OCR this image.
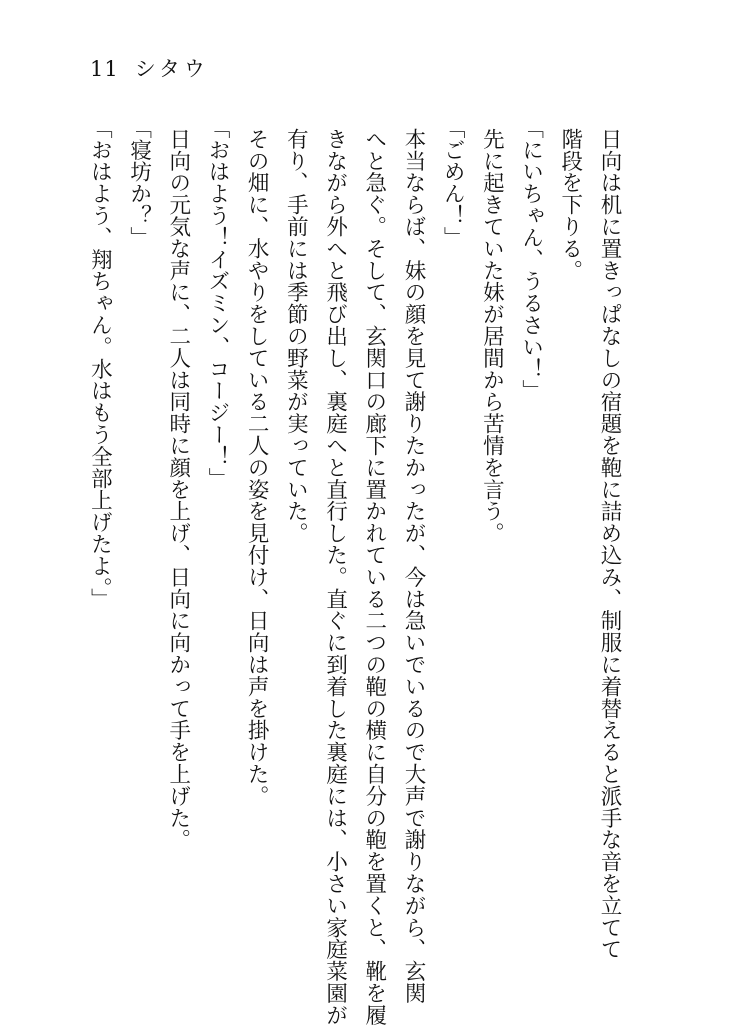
11 シタウ
日向は机に置きっぱなしの宿題を鞄に詰め込み、制服に着替えると派手な音を立てて
階段を下りる。
「にいちゃん、うるさい！」
先に起きていた妹が居間から苦情を言う。
「ごめん！」
本当ならば、妹の顔を見て謝りたかったが、今は急いでいるので大声で謝りながら、玄関
へと急ぐ。そして、玄関口の廊下に置かれている二つの鞄の横に自分の鞄を置くと、靴を履
きながら外へと飛び出し、裏庭へと直行した。直ぐに到着した裏庭には、小さい家庭菜園が
有り、手前には季節の野菜が実っていた。
その畑に、水やりをしている二人の姿を見付け、日向は声を掛けた。
「おはよう！イズミン、コージー！」
日向の元気な声に、二人は同時に顔を上げ、日向に向かって手を上げた。
「寝坊か？」
「おはよう、翔ちゃん。水はもう全部上げたよ。」
